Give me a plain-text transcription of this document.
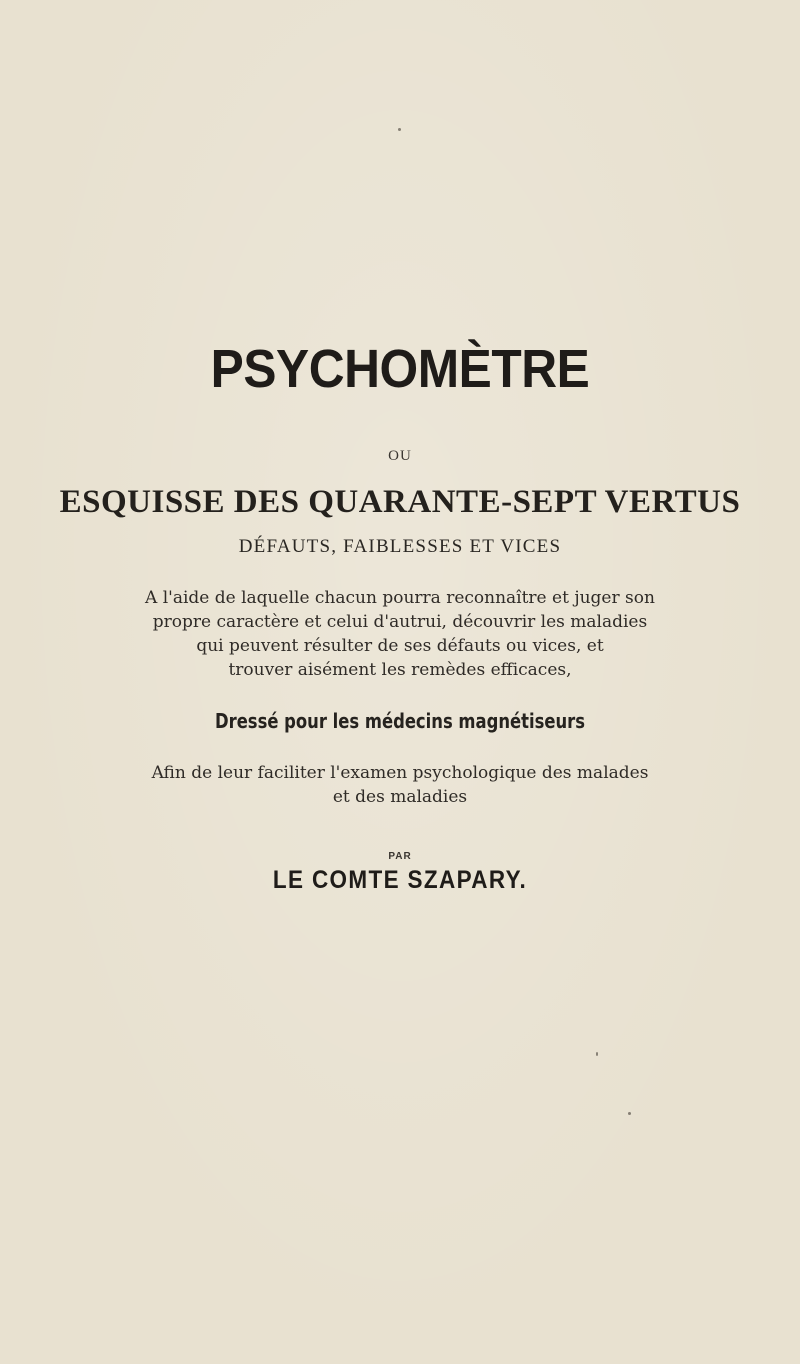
PSYCHOMÈTRE

OU

ESQUISSE DES QUARANTE-SEPT VERTUS

DÉFAUTS, FAIBLESSES ET VICES

A l'aide de laquelle chacun pourra reconnaître et juger son
propre caractère et celui d'autrui, découvrir les maladies
qui peuvent résulter de ses défauts ou vices, et
trouver aisément les remèdes efficaces,

Dressé pour les médecins magnétiseurs

Afin de leur faciliter l'examen psychologique des malades
et des maladies

PAR

LE COMTE SZAPARY.
